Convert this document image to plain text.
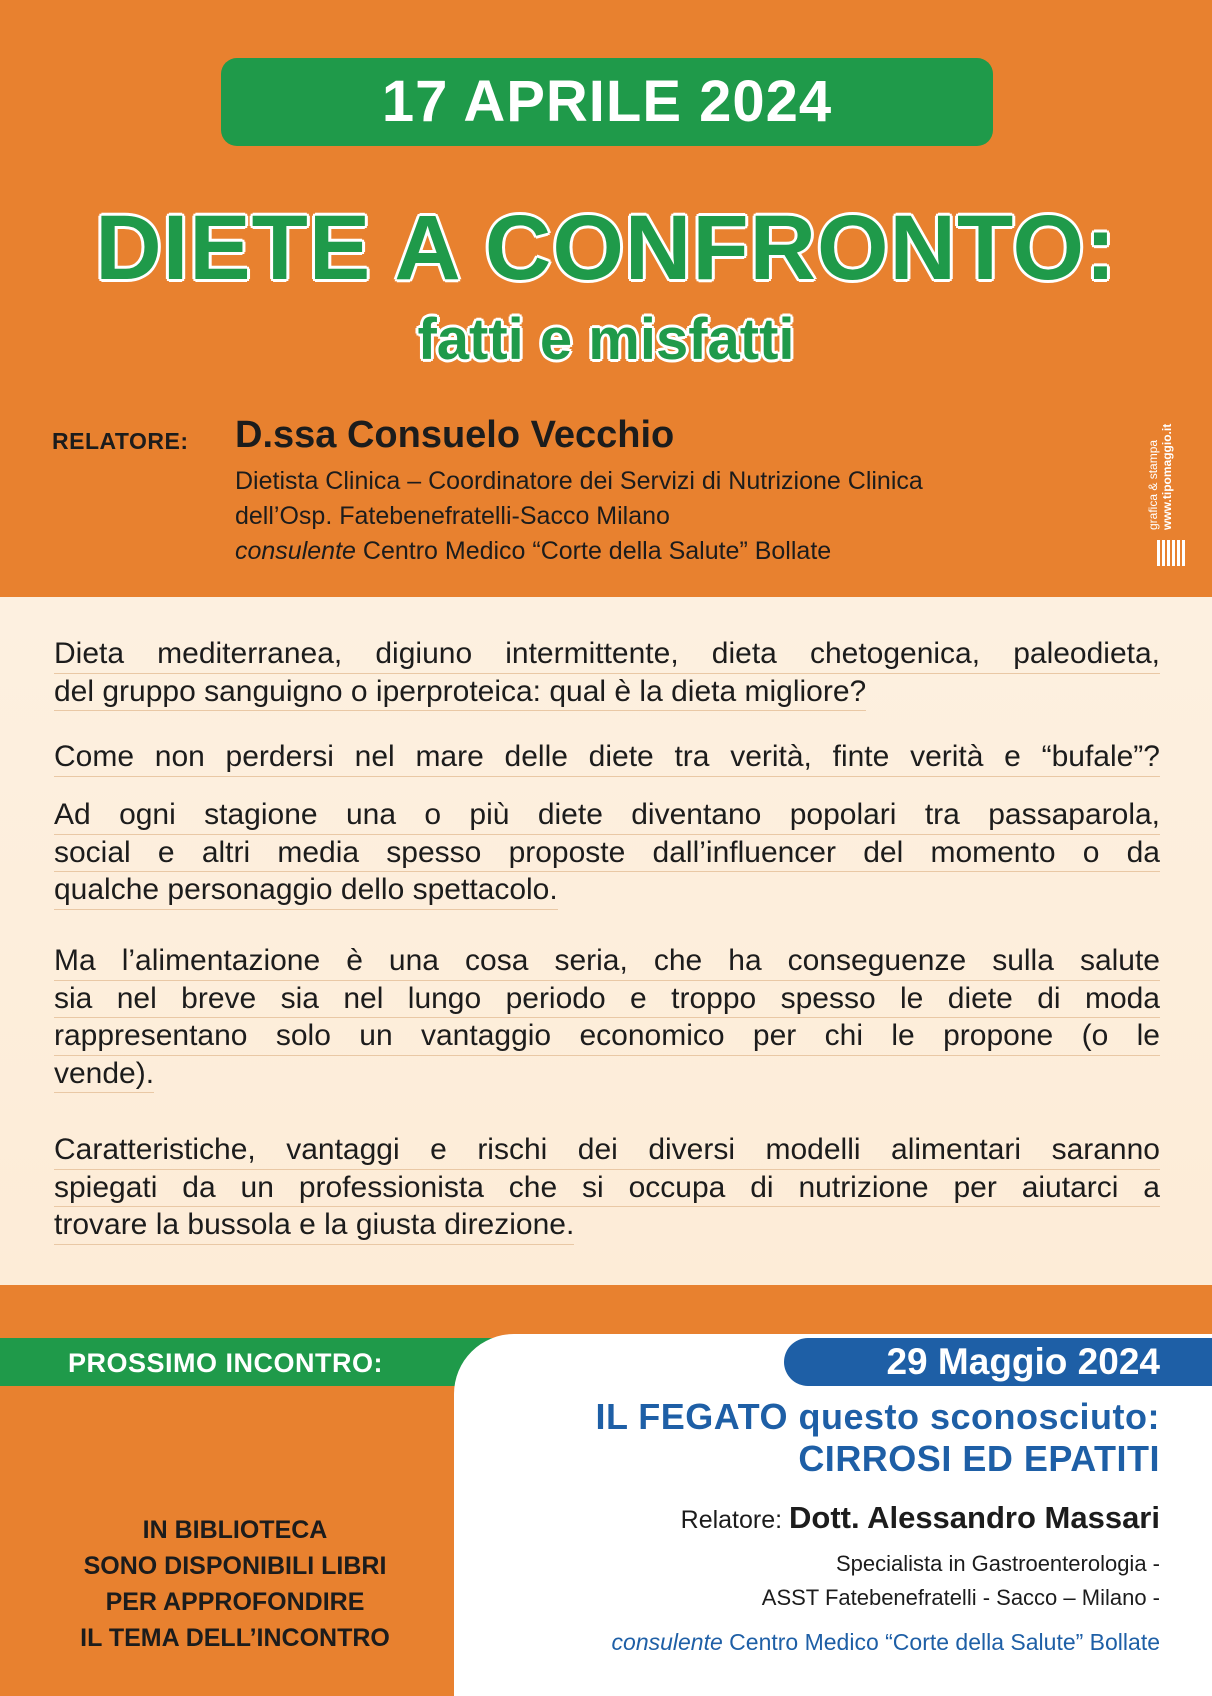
17 APRILE 2024
DIETE A CONFRONTO:
fatti e misfatti
RELATORE: D.ssa Consuelo Vecchio
Dietista Clinica – Coordinatore dei Servizi di Nutrizione Clinica
dell’Osp. Fatebenefratelli-Sacco Milano
consulente Centro Medico “Corte della Salute” Bollate
grafica & stampa www.tipomaggio.it
Dieta mediterranea, digiuno intermittente, dieta chetogenica, paleodieta,
del gruppo sanguigno o iperproteica: qual è la dieta migliore?
Come non perdersi nel mare delle diete tra verità, finte verità e “bufale”?
Ad ogni stagione una o più diete diventano popolari tra passaparola,
social e altri media spesso proposte dall’influencer del momento o da
qualche personaggio dello spettacolo.
Ma l’alimentazione è una cosa seria, che ha conseguenze sulla salute
sia nel breve sia nel lungo periodo e troppo spesso le diete di moda
rappresentano solo un vantaggio economico per chi le propone (o le
vende).
Caratteristiche, vantaggi e rischi dei diversi modelli alimentari saranno
spiegati da un professionista che si occupa di nutrizione per aiutarci a
trovare la bussola e la giusta direzione.
PROSSIMO INCONTRO:	29 Maggio 2024
IL FEGATO questo sconosciuto:
CIRROSI ED EPATITI
Relatore: Dott. Alessandro Massari
Specialista in Gastroenterologia -
ASST Fatebenefratelli - Sacco – Milano -
consulente Centro Medico “Corte della Salute” Bollate
IN BIBLIOTECA
SONO DISPONIBILI LIBRI
PER APPROFONDIRE
IL TEMA DELL’INCONTRO
